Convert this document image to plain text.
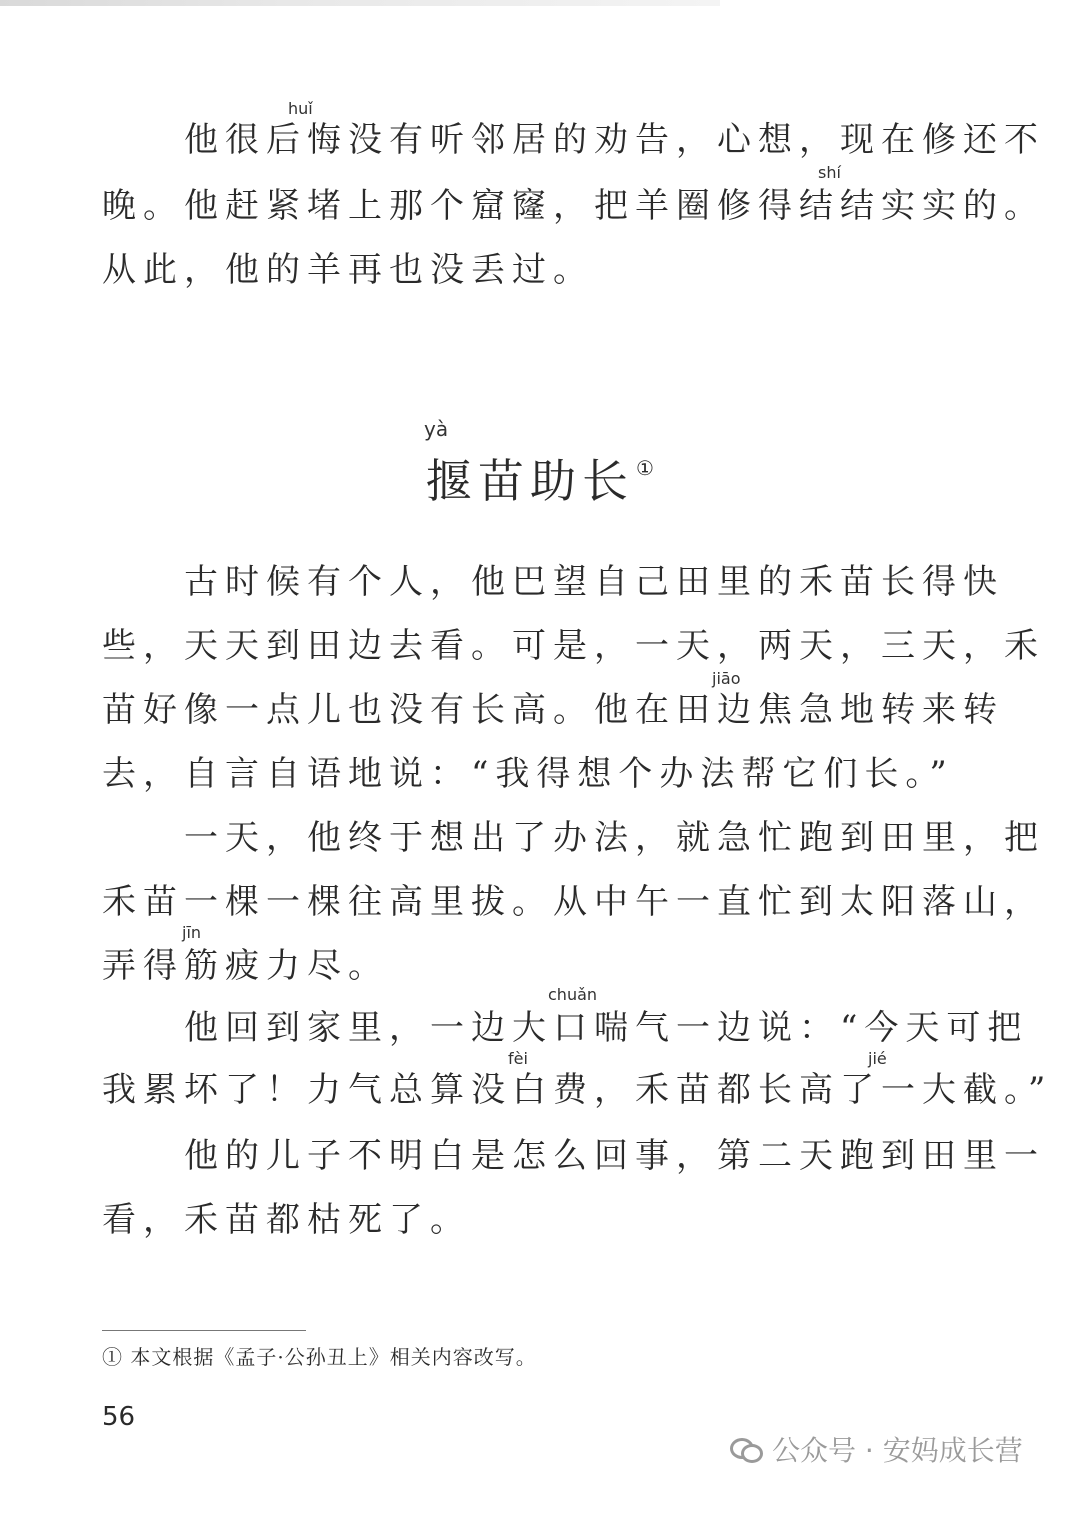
huǐ
　　他很后悔没有听邻居的劝告，心想，现在修还不
shí
晚。他赶紧堵上那个窟窿，把羊圈修得结结实实的。
从此，他的羊再也没丢过。
yà
揠苗助长 ①
　　古时候有个人，他巴望自己田里的禾苗长得快
些，天天到田边去看。可是，一天，两天，三天，禾
jiāo
苗好像一点儿也没有长高。他在田边焦急地转来转
去，自言自语地说：“我得想个办法帮它们长。”
　　一天，他终于想出了办法，就急忙跑到田里，把
禾苗一棵一棵往高里拔。从中午一直忙到太阳落山，
jīn
弄得筋疲力尽。
chuǎn
　　他回到家里，一边大口喘气一边说：“今天可把
fèi	jié
我累坏了！力气总算没白费，禾苗都长高了一大截。”
　　他的儿子不明白是怎么回事，第二天跑到田里一
看，禾苗都枯死了。
① 本文根据《孟子·公孙丑上》相关内容改写。
56
公众号 · 安妈成长营
